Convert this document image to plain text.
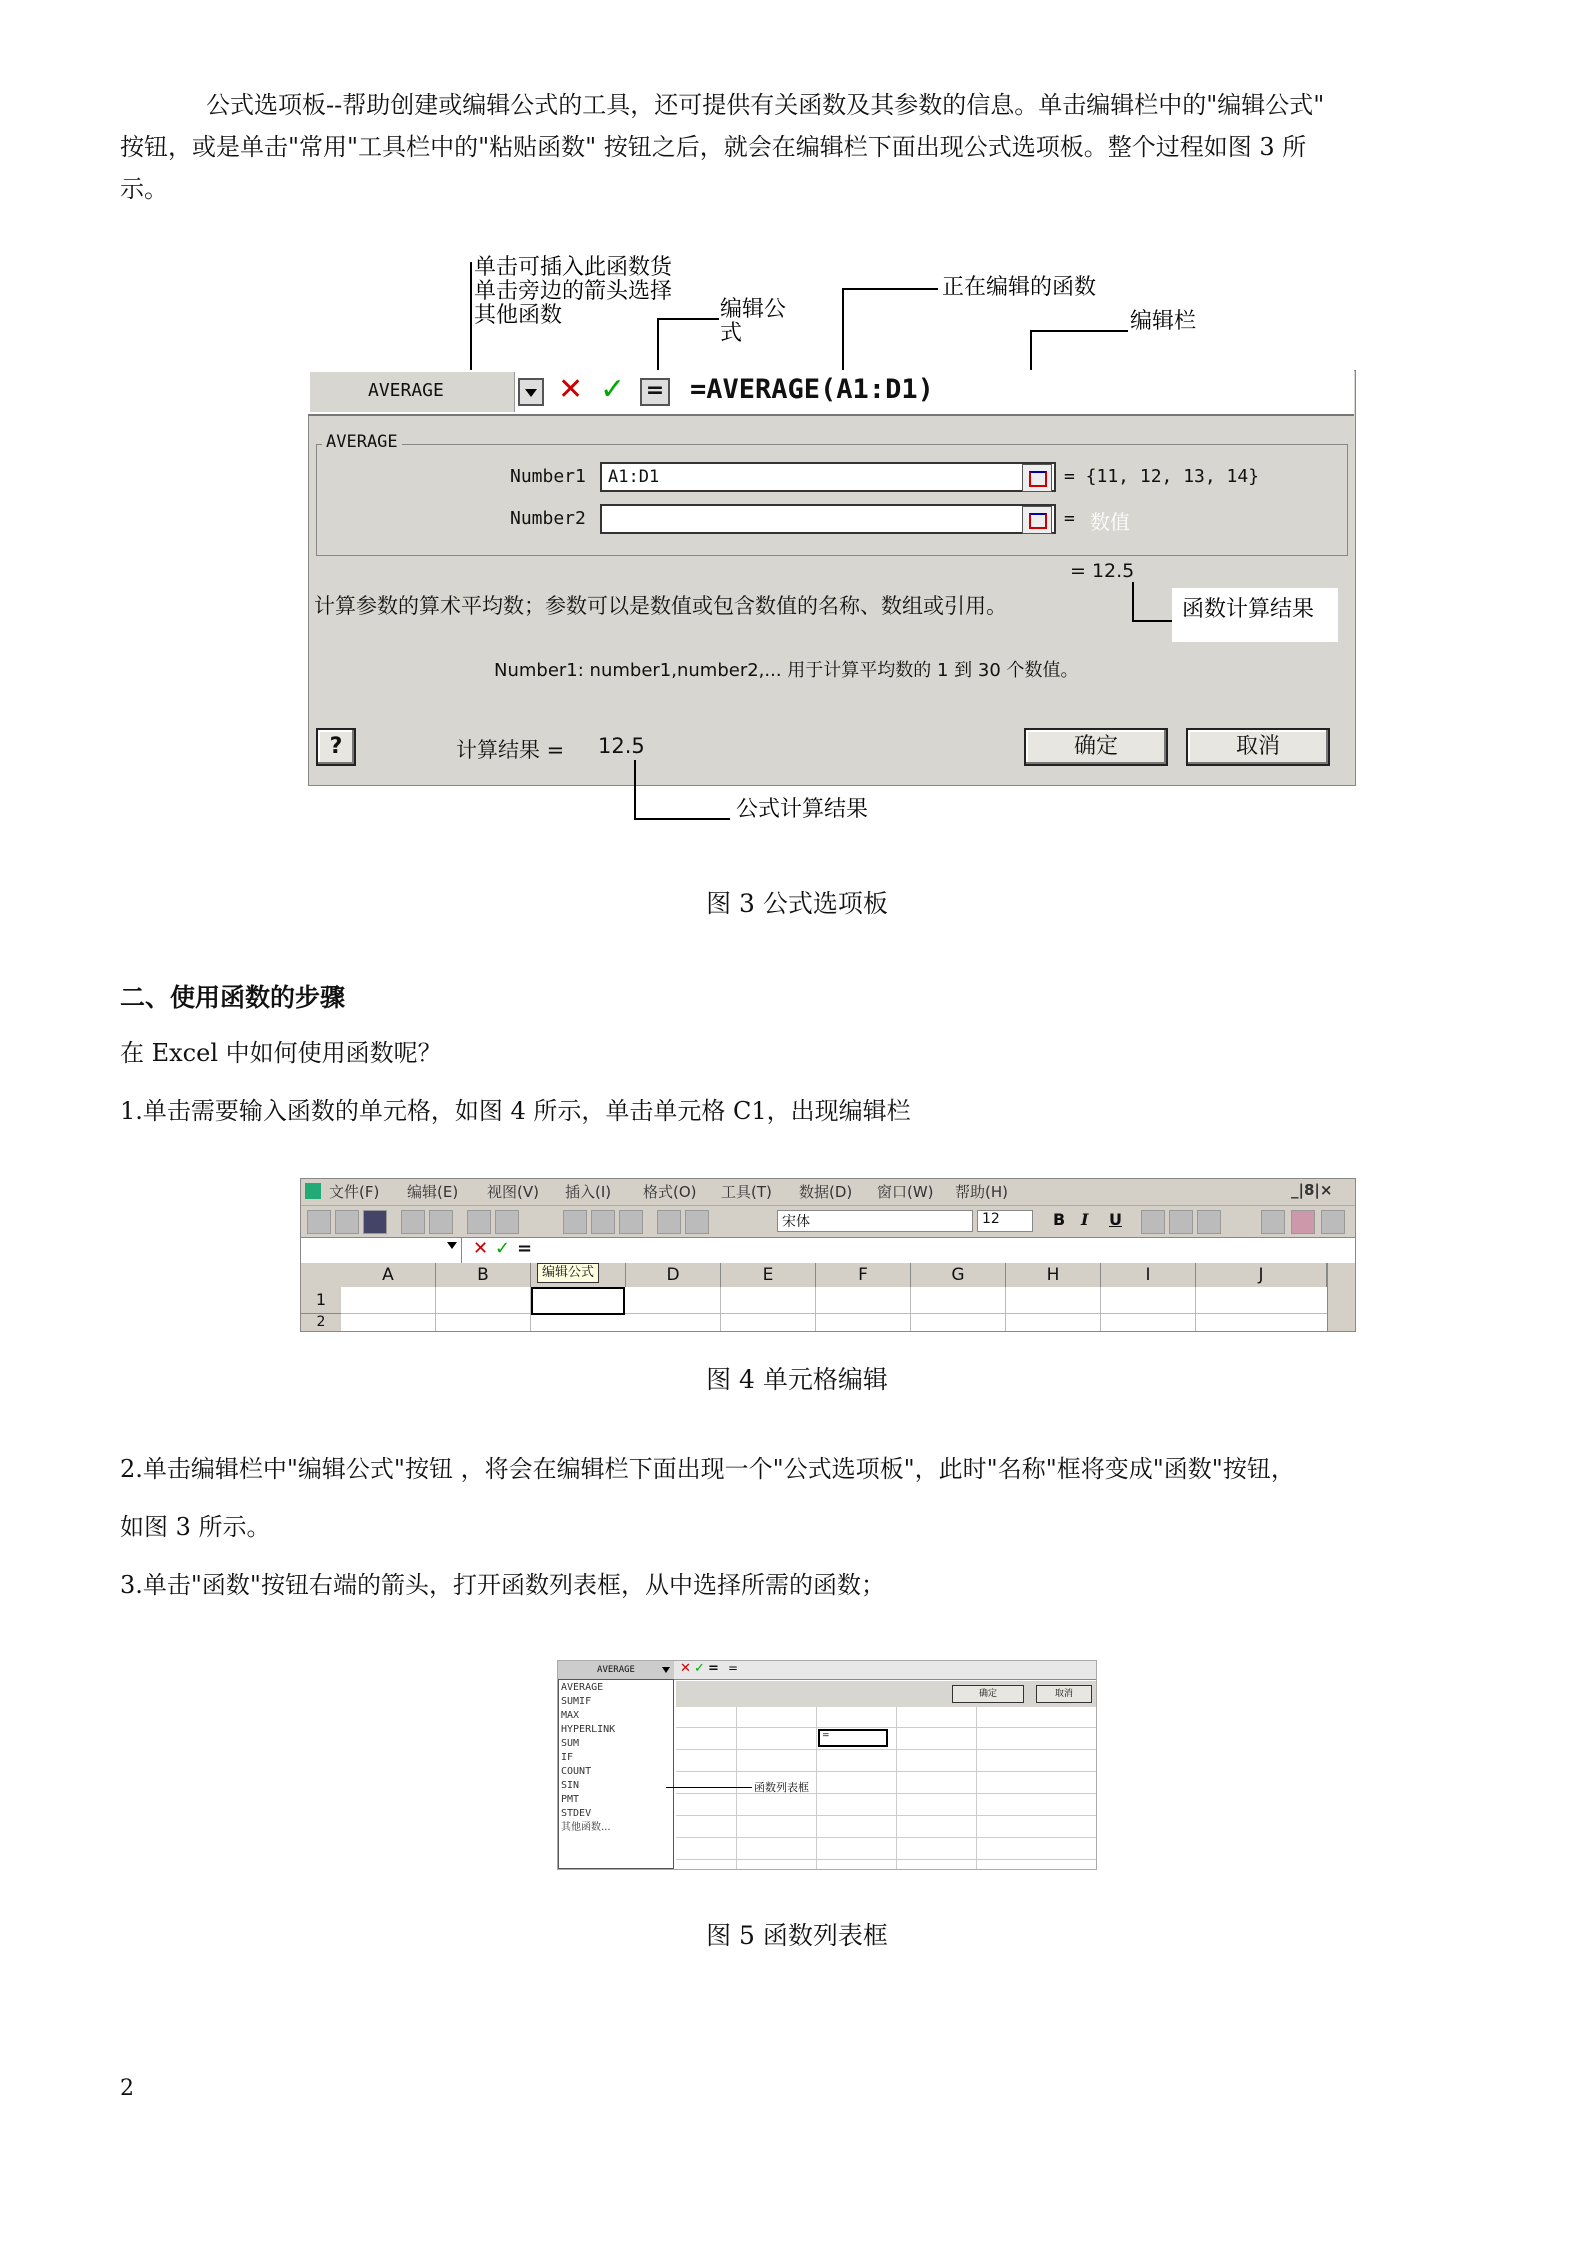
公式选项板--帮助创建或编辑公式的工具，还可提供有关函数及其参数的信息。单击编辑栏中的"编辑公式"
按钮，或是单击"常用"工具栏中的"粘贴函数" 按钮之后，就会在编辑栏下面出现公式选项板。整个过程如图 3 所
示。
单击可插入此函数货
单击旁边的箭头选择
其他函数	编辑公
式
正在编辑的函数
编辑栏
AVERAGE	✕ ✓ = =AVERAGE(A1:D1)
AVERAGE
Number1 A1:D1	= {11, 12, 13, 14}
Number2	= 数值
= 12.5
计算参数的算术平均数；参数可以是数值或包含数值的名称、数组或引用。	函数计算结果
Number1: number1,number2,... 用于计算平均数的 1 到 30 个数值。
?	计算结果 = 12.5	确定	取消
公式计算结果
图 3 公式选项板
二、使用函数的步骤
在 Excel 中如何使用函数呢？
1.单击需要输入函数的单元格，如图 4 所示，单击单元格 C1，出现编辑栏
文件(F) 编辑(E) 视图(V) 插入(I) 格式(O) 工具(T) 数据(D) 窗口(W) 帮助(H)	_|8|×
宋体	12	B I U
✕ ✓ =
A	B	D	E	F	G	H	I	J
编辑公式
1
2
图 4 单元格编辑
2.单击编辑栏中"编辑公式"按钮 ，将会在编辑栏下面出现一个"公式选项板"，此时"名称"框将变成"函数"按钮，
如图 3 所示。
3.单击"函数"按钮右端的箭头，打开函数列表框，从中选择所需的函数；
AVERAGE	✕ ✓ = =
取消
确定
=
AVERAGE
SUMIF
MAX
HYPERLINK
SUM
IF
COUNT
SIN
PMT
STDEV
其他函数...
函数列表框
图 5 函数列表框
2
